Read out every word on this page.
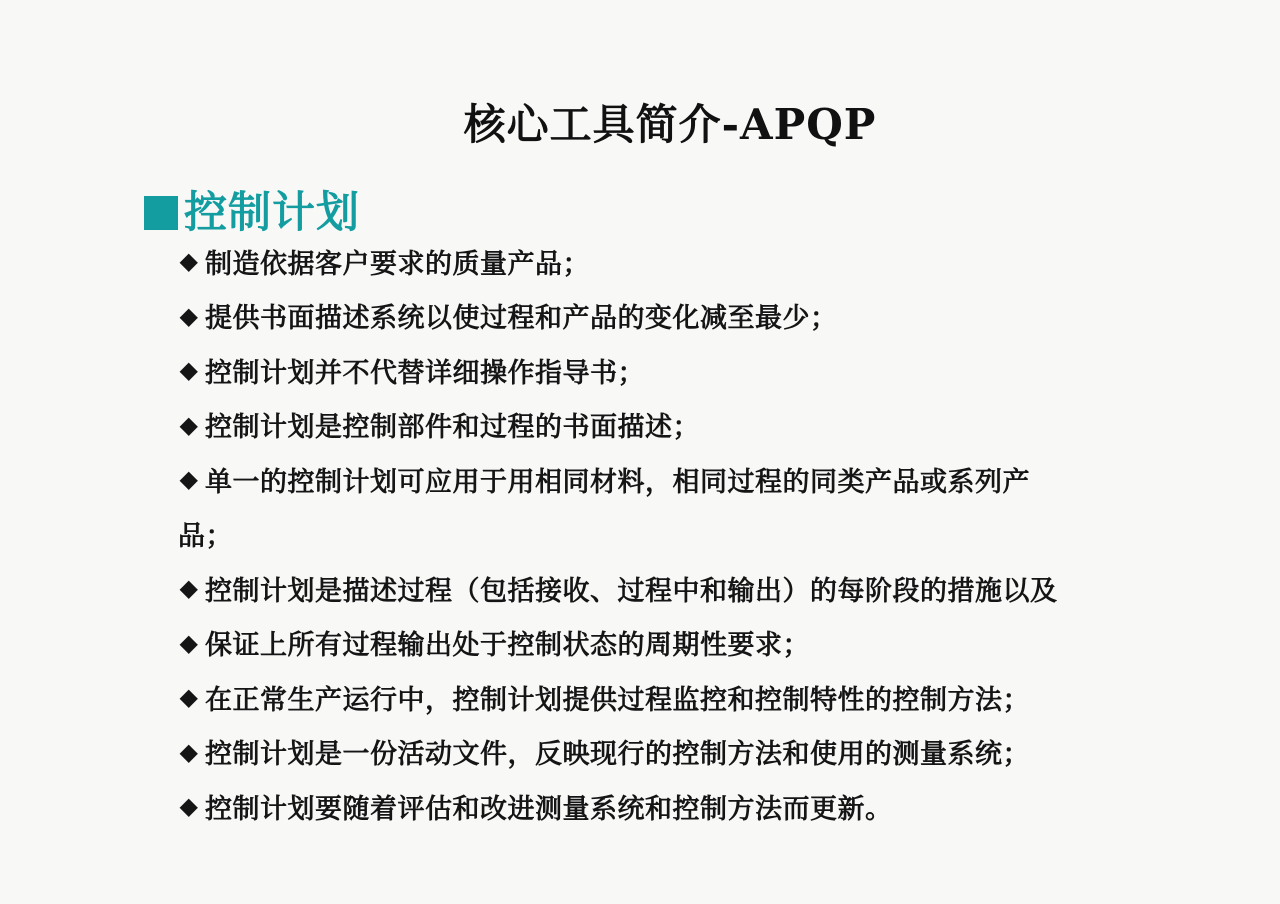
核心工具简介-APQP
控制计划
◆ 制造依据客户要求的质量产品；
◆ 提供书面描述系统以使过程和产品的变化减至最少；
◆ 控制计划并不代替详细操作指导书；
◆ 控制计划是控制部件和过程的书面描述；
◆ 单一的控制计划可应用于用相同材料，相同过程的同类产品或系列产
品；
◆ 控制计划是描述过程（包括接收、过程中和输出）的每阶段的措施以及
◆ 保证上所有过程输出处于控制状态的周期性要求；
◆ 在正常生产运行中，控制计划提供过程监控和控制特性的控制方法；
◆ 控制计划是一份活动文件，反映现行的控制方法和使用的测量系统；
◆ 控制计划要随着评估和改进测量系统和控制方法而更新。
